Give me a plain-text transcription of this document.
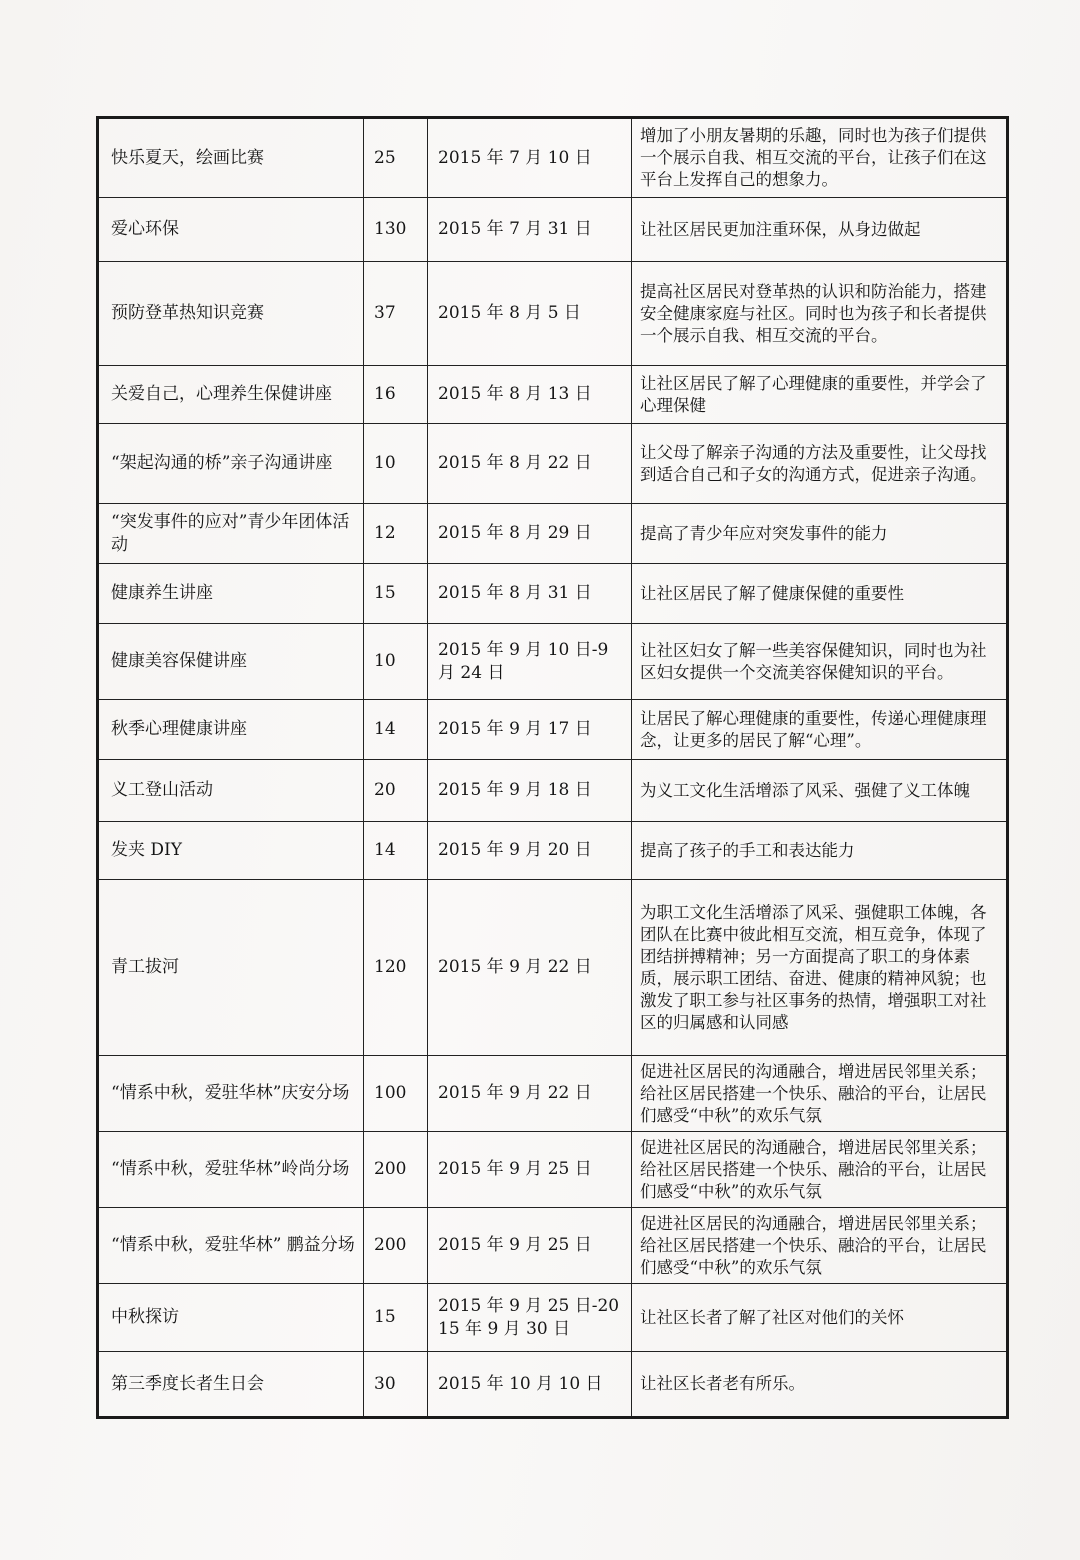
快乐夏天，绘画比赛	25	2015 年 7 月 10 日	增加了小朋友暑期的乐趣，同时也为孩子们提供一个展示自我、相互交流的平台，让孩子们在这平台上发挥自己的想象力。
爱心环保	130	2015 年 7 月 31 日	让社区居民更加注重环保，从身边做起
预防登革热知识竞赛	37	2015 年 8 月 5 日	提高社区居民对登革热的认识和防治能力，搭建安全健康家庭与社区。同时也为孩子和长者提供一个展示自我、相互交流的平台。
关爱自己，心理养生保健讲座	16	2015 年 8 月 13 日	让社区居民了解了心理健康的重要性，并学会了心理保健
“架起沟通的桥”亲子沟通讲座	10	2015 年 8 月 22 日	让父母了解亲子沟通的方法及重要性，让父母找到适合自己和子女的沟通方式，促进亲子沟通。
“突发事件的应对”青少年团体活动	12	2015 年 8 月 29 日	提高了青少年应对突发事件的能力
健康养生讲座	15	2015 年 8 月 31 日	让社区居民了解了健康保健的重要性
健康美容保健讲座	10	2015 年 9 月 10 日-9 月 24 日	让社区妇女了解一些美容保健知识，同时也为社区妇女提供一个交流美容保健知识的平台。
秋季心理健康讲座	14	2015 年 9 月 17 日	让居民了解心理健康的重要性，传递心理健康理念，让更多的居民了解“心理”。
义工登山活动	20	2015 年 9 月 18 日	为义工文化生活增添了风采、强健了义工体魄
发夹 DIY	14	2015 年 9 月 20 日	提高了孩子的手工和表达能力
青工拔河	120	2015 年 9 月 22 日	为职工文化生活增添了风采、强健职工体魄，各团队在比赛中彼此相互交流，相互竞争，体现了团结拼搏精神；另一方面提高了职工的身体素质，展示职工团结、奋进、健康的精神风貌；也激发了职工参与社区事务的热情，增强职工对社区的归属感和认同感
“情系中秋，爱驻华林”庆安分场	100	2015 年 9 月 22 日	促进社区居民的沟通融合，增进居民邻里关系；给社区居民搭建一个快乐、融洽的平台，让居民们感受“中秋”的欢乐气氛
“情系中秋，爱驻华林”岭尚分场	200	2015 年 9 月 25 日	促进社区居民的沟通融合，增进居民邻里关系；给社区居民搭建一个快乐、融洽的平台，让居民们感受“中秋”的欢乐气氛
“情系中秋，爱驻华林” 鹏益分场	200	2015 年 9 月 25 日	促进社区居民的沟通融合，增进居民邻里关系；给社区居民搭建一个快乐、融洽的平台，让居民们感受“中秋”的欢乐气氛
中秋探访	15	2015 年 9 月 25 日-2015 年 9 月 30 日	让社区长者了解了社区对他们的关怀
第三季度长者生日会	30	2015 年 10 月 10 日	让社区长者老有所乐。
